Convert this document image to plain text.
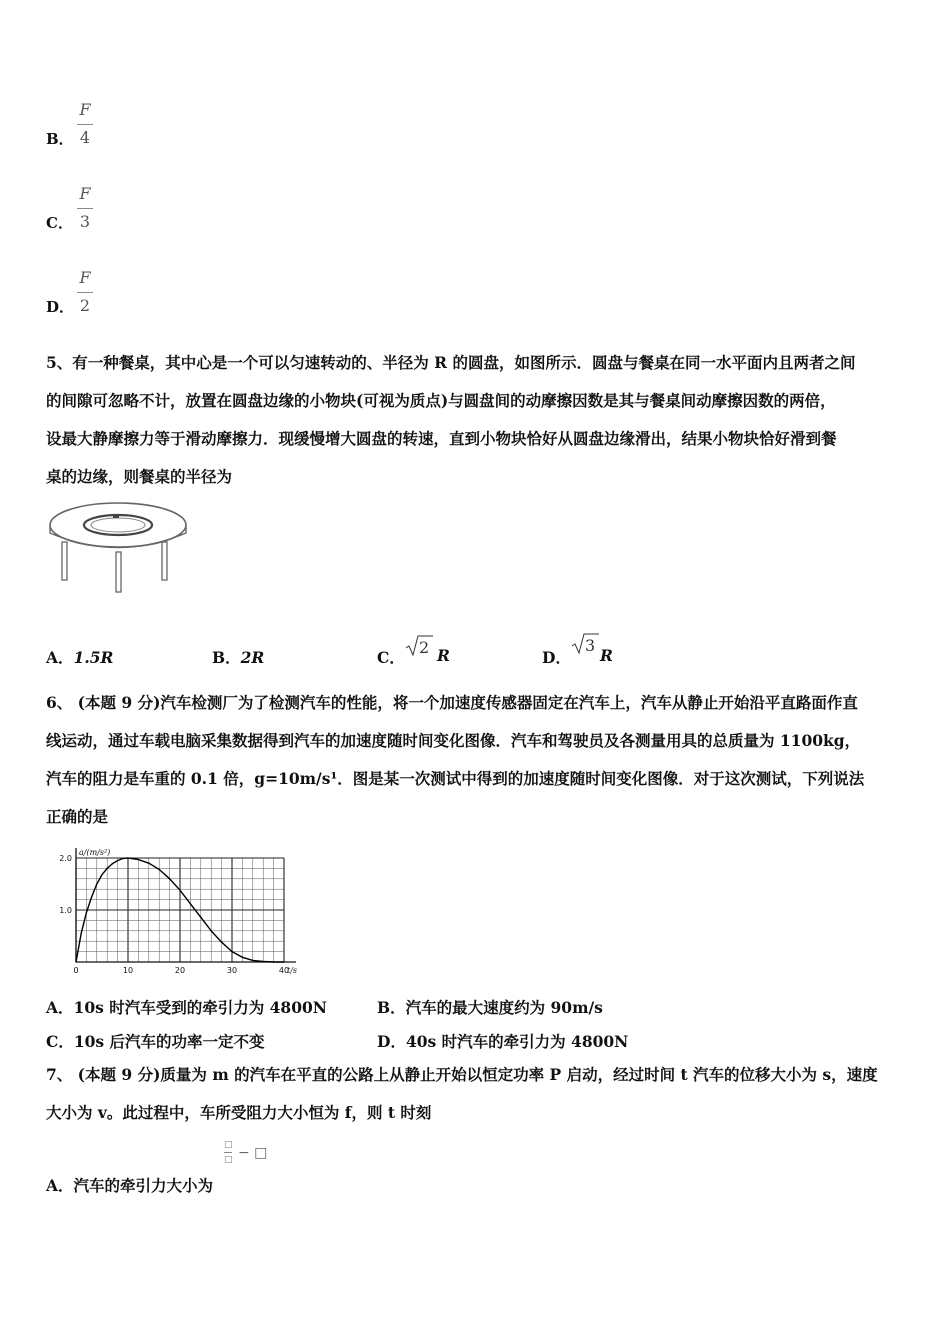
B．
F
4
C．
F
3
D．
F
2
5、有一种餐桌，其中心是一个可以匀速转动的、半径为 R 的圆盘，如图所示．圆盘与餐桌在同一水平面内且两者之间
的间隙可忽略不计，放置在圆盘边缘的小物块(可视为质点)与圆盘间的动摩擦因数是其与餐桌间动摩擦因数的两倍，
设最大静摩擦力等于滑动摩擦力．现缓慢增大圆盘的转速，直到小物块恰好从圆盘边缘滑出，结果小物块恰好滑到餐
桌的边缘，则餐桌的半径为
A．1.5R	B．2R	C．
2 R	D．
3
R
6、 (本题 9 分)汽车检测厂为了检测汽车的性能，将一个加速度传感器固定在汽车上，汽车从静止开始沿平直路面作直
线运动，通过车载电脑采集数据得到汽车的加速度随时间变化图像．汽车和驾驶员及各测量用具的总质量为 1100kg，
汽车的阻力是车重的 0.1 倍，g=10m/s¹．图是某一次测试中得到的加速度随时间变化图像．对于这次测试，下列说法
正确的是
0	10	20	30	40
1.0
2.0
t/s
a/(m/s²)
A．10s 时汽车受到的牵引力为 4800N	B．汽车的最大速度约为 90m/s
C．10s 后汽车的功率一定不变	D．40s 时汽车的牵引力为 4800N
7、 (本题 9 分)质量为 m 的汽车在平直的公路上从静止开始以恒定功率 P 启动，经过时间 t 汽车的位移大小为 s，速度
大小为 v。此过程中，车所受阻力大小恒为 f，则 t 时刻
□
□ − □
A．汽车的牵引力大小为
